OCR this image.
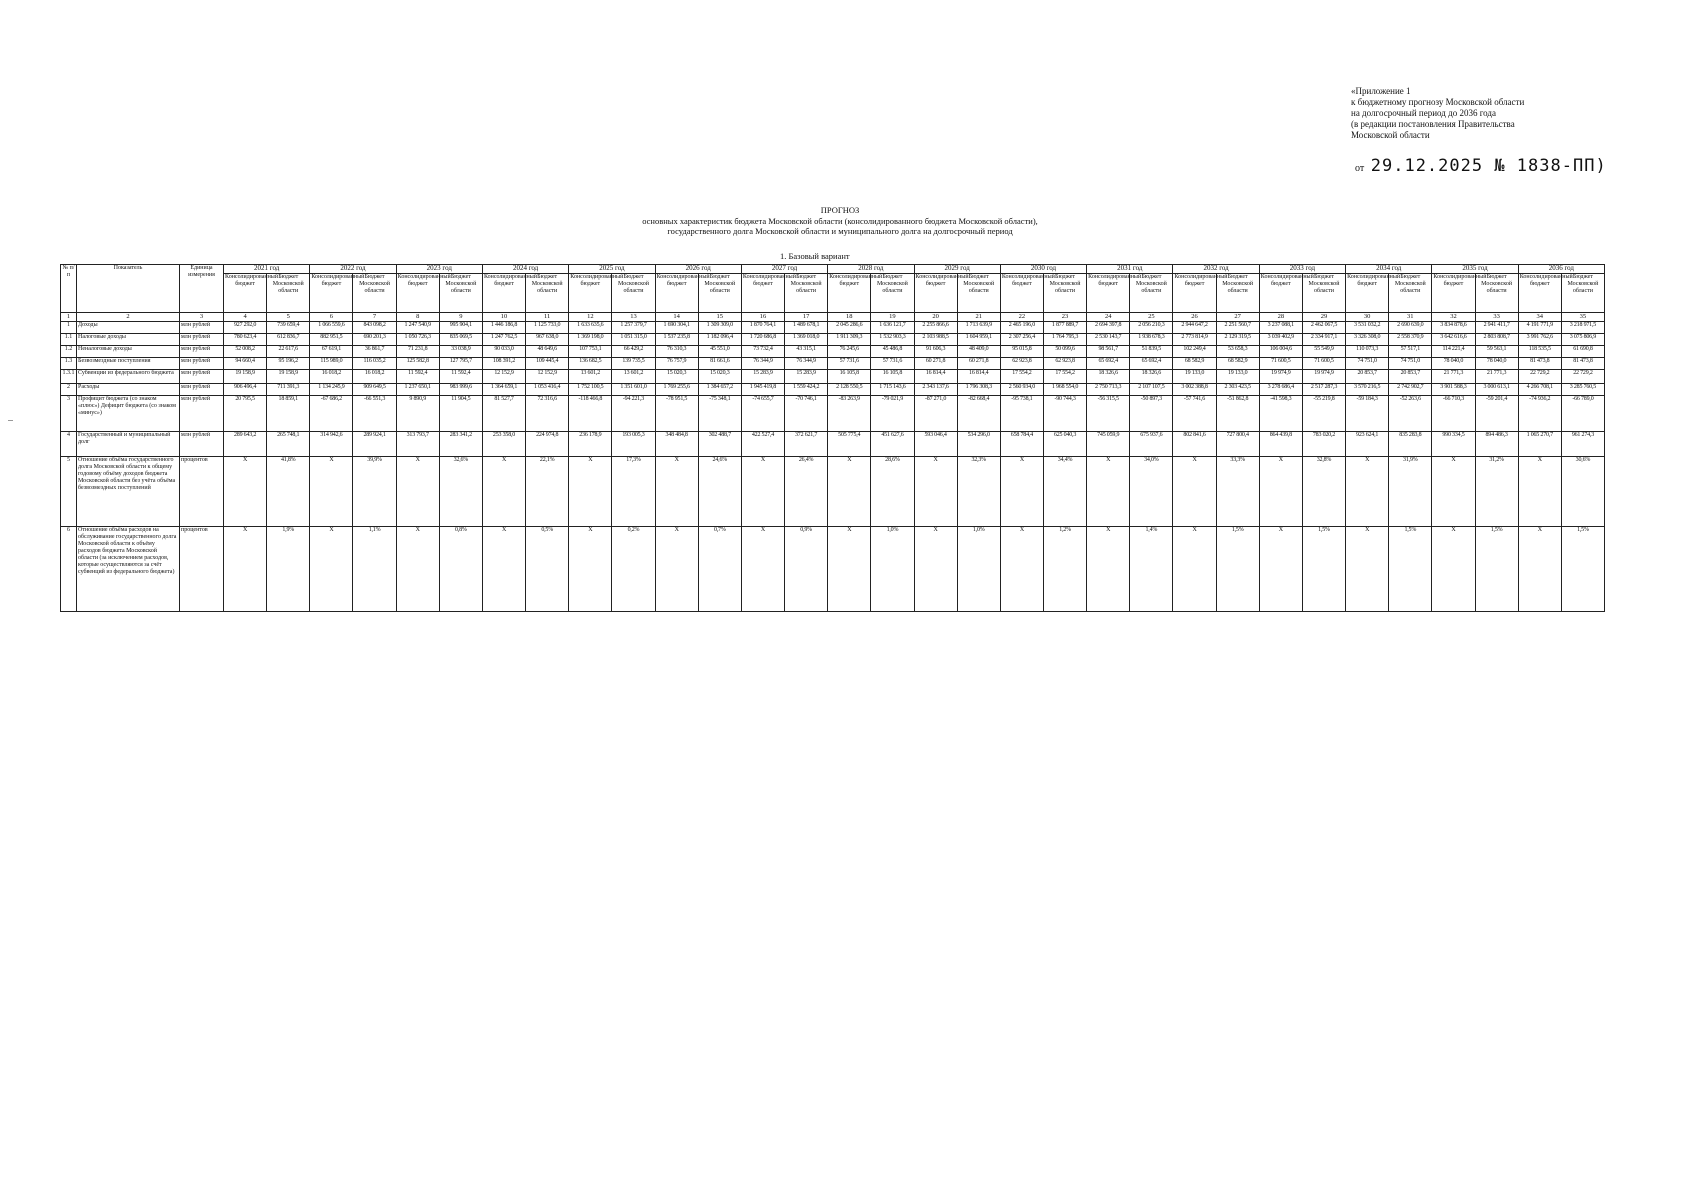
«Приложение 1
к бюджетному прогнозу Московской области
на долгосрочный период до 2036 года
(в редакции постановления Правительства
Московской области
от 29.12.2025 № 1838-ПП)
ПРОГНОЗ
основных характеристик бюджета Московской области (консолидированного бюджета Московской области),
государственного долга Московской области и муниципального долга на долгосрочный период
1. Базовый вариант
№ п/п	Показатель	Единица измерения	2021 год		2022 год		2023 год		2024 год		2025 год		2026 год		2027 год		2028 год		2029 год		2030 год		2031 год		2032 год		2033 год		2034 год		2035 год		2036 год	
			Консолидированный бюджет	Бюджет Московской области	Консолидированный бюджет	Бюджет Московской области	Консолидированный бюджет	Бюджет Московской области	Консолидированный бюджет	Бюджет Московской области	Консолидированный бюджет	Бюджет Московской области	Консолидированный бюджет	Бюджет Московской области	Консолидированный бюджет	Бюджет Московской области	Консолидированный бюджет	Бюджет Московской области	Консолидированный бюджет	Бюджет Московской области	Консолидированный бюджет	Бюджет Московской области	Консолидированный бюджет	Бюджет Московской области	Консолидированный бюджет	Бюджет Московской области	Консолидированный бюджет	Бюджет Московской области	Консолидированный бюджет	Бюджет Московской области	Консолидированный бюджет	Бюджет Московской области	Консолидированный бюджет	Бюджет Московской области
1	2	3	4	5	6	7	8	9	10	11	12	13	14	15	16	17	18	19	20	21	22	23	24	25	26	27	28	29	30	31	32	33	34	35
1	Доходы	млн рублей	927 292,0	739 659,4	1 066 559,6	843 098,2	1 247 540,9	995 904,1	1 446 186,8	1 125 733,0	1 633 635,6	1 257 379,7	1 690 304,1	1 309 309,0	1 870 764,1	1 489 678,1	2 045 286,6	1 636 121,7	2 255 866,6	1 713 639,9	2 465 196,0	1 877 889,7	2 694 397,8	2 056 210,3	2 944 647,2	2 251 560,7	3 237 088,1	2 462 067,5	3 531 032,2	2 690 639,0	3 834 878,6	2 941 411,7	4 191 771,9	3 218 971,5
1.1	Налоговые доходы	млн рублей	780 623,4	612 836,7	882 951,5	690 201,3	1 050 726,3	835 069,5	1 247 762,5	967 638,0	1 369 198,0	1 051 315,0	1 537 235,8	1 182 096,4	1 720 686,8	1 369 018,0	1 911 309,3	1 532 903,3	2 103 988,5	1 604 959,1	2 307 256,4	1 764 795,3	2 530 143,7	1 938 678,3	2 773 814,9	2 129 319,5	3 039 402,9	2 334 917,1	3 326 308,0	2 558 370,9	3 642 616,6	2 803 808,7	3 991 762,6	3 075 806,9
1.2	Неналоговые доходы	млн рублей	52 008,2	22 617,6	67 619,1	36 861,7	71 231,8	33 038,9	90 033,0	48 649,6	107 753,1	66 429,2	76 310,3	45 551,0	73 732,4	43 315,1	76 245,6	45 486,8	91 606,3	48 409,0	95 015,8	50 099,6	98 561,7	51 839,5	102 249,4	53 658,3	106 004,6	55 549,9	110 073,3	57 517,1	114 221,4	59 563,1	118 535,5	61 690,8
1.3	Безвозмездные поступления	млн рублей	94 660,4	95 196,2	115 989,0	116 035,2	125 582,8	127 795,7	108 391,2	109 445,4	136 682,5	139 735,5	76 757,9	81 661,6	76 344,9	76 344,9	57 731,6	57 731,6	60 271,8	60 271,8	62 923,8	62 923,8	65 692,4	65 692,4	68 582,9	68 582,9	71 600,5	71 600,5	74 751,0	74 751,0	78 040,0	78 040,0	81 473,8	81 473,8
1.3.1	Субвенции из федерального бюджета	млн рублей	19 158,9	19 158,9	16 018,2	16 018,2	11 592,4	11 592,4	12 152,9	12 152,9	13 601,2	13 601,2	15 020,3	15 020,3	15 283,9	15 283,9	16 105,8	16 105,8	16 814,4	16 814,4	17 554,2	17 554,2	18 326,6	18 326,6	19 133,0	19 133,0	19 974,9	19 974,9	20 853,7	20 853,7	21 771,3	21 771,3	22 729,2	22 729,2
2	Расходы	млн рублей	906 496,4	711 391,3	1 134 245,9	909 649,5	1 237 650,1	983 999,6	1 364 659,1	1 053 416,4	1 752 100,5	1 351 601,0	1 769 255,6	1 384 657,2	1 945 419,8	1 559 424,2	2 128 550,5	1 715 143,6	2 343 137,6	1 796 308,3	2 560 934,0	1 968 554,0	2 750 713,3	2 107 107,5	3 002 388,8	2 303 423,5	3 278 686,4	2 517 287,3	3 570 216,5	2 742 902,7	3 901 588,3	3 000 613,1	4 266 708,1	3 285 760,5
3	Профицит бюджета (со знаком «плюс») Дефицит бюджета (со знаком «минус»)	млн рублей	20 795,5	18 859,1	-67 686,2	-66 551,3	9 890,9	11 904,5	81 527,7	72 316,6	-118 466,8	-94 221,3	-78 951,5	-75 348,1	-74 655,7	-70 746,1	-83 263,9	-79 021,9	-87 271,0	-82 668,4	-95 738,1	-90 744,3	-56 315,5	-50 897,3	-57 741,6	-51 862,8	-41 598,3	-55 219,8	-59 184,3	-52 263,6	-66 710,3	-59 201,4	-74 936,2	-66 789,0
4	Государственный и муниципальный долг	млн рублей	289 643,2	265 748,1	314 942,6	289 924,1	313 793,7	283 341,2	253 358,0	224 974,8	236 178,9	193 005,3	348 484,8	302 488,7	422 527,4	372 621,7	505 775,4	451 627,6	593 046,4	534 296,0	658 784,4	625 040,3	745 059,9	675 937,6	802 841,6	727 800,4	864 439,8	783 020,2	923 624,1	835 283,8	990 334,5	894 486,3	1 065 270,7	961 274,3
5	Отношение объёма государственного долга Московской области к общему годовому объёму доходов бюджета Московской области без учёта объёма безвозмездных поступлений	процентов	X	41,8%	X	39,9%	X	32,6%	X	22,1%	X	17,3%	X	24,6%	X	26,4%	X	28,6%	X	32,3%	X	34,4%	X	34,0%	X	33,3%	X	32,8%	X	31,9%	X	31,2%	X	30,6%
6	Отношение объёма расходов на обслуживание государственного долга Московской области к объёму расходов бюджета Московской области (за исключением расходов, которые осуществляются за счёт субвенций из федерального бюджета)	процентов	X	1,9%	X	1,1%	X	0,8%	X	0,5%	X	0,2%	X	0,7%	X	0,9%	X	1,0%	X	1,0%	X	1,2%	X	1,4%	X	1,5%	X	1,5%	X	1,5%	X	1,5%	X	1,5%
